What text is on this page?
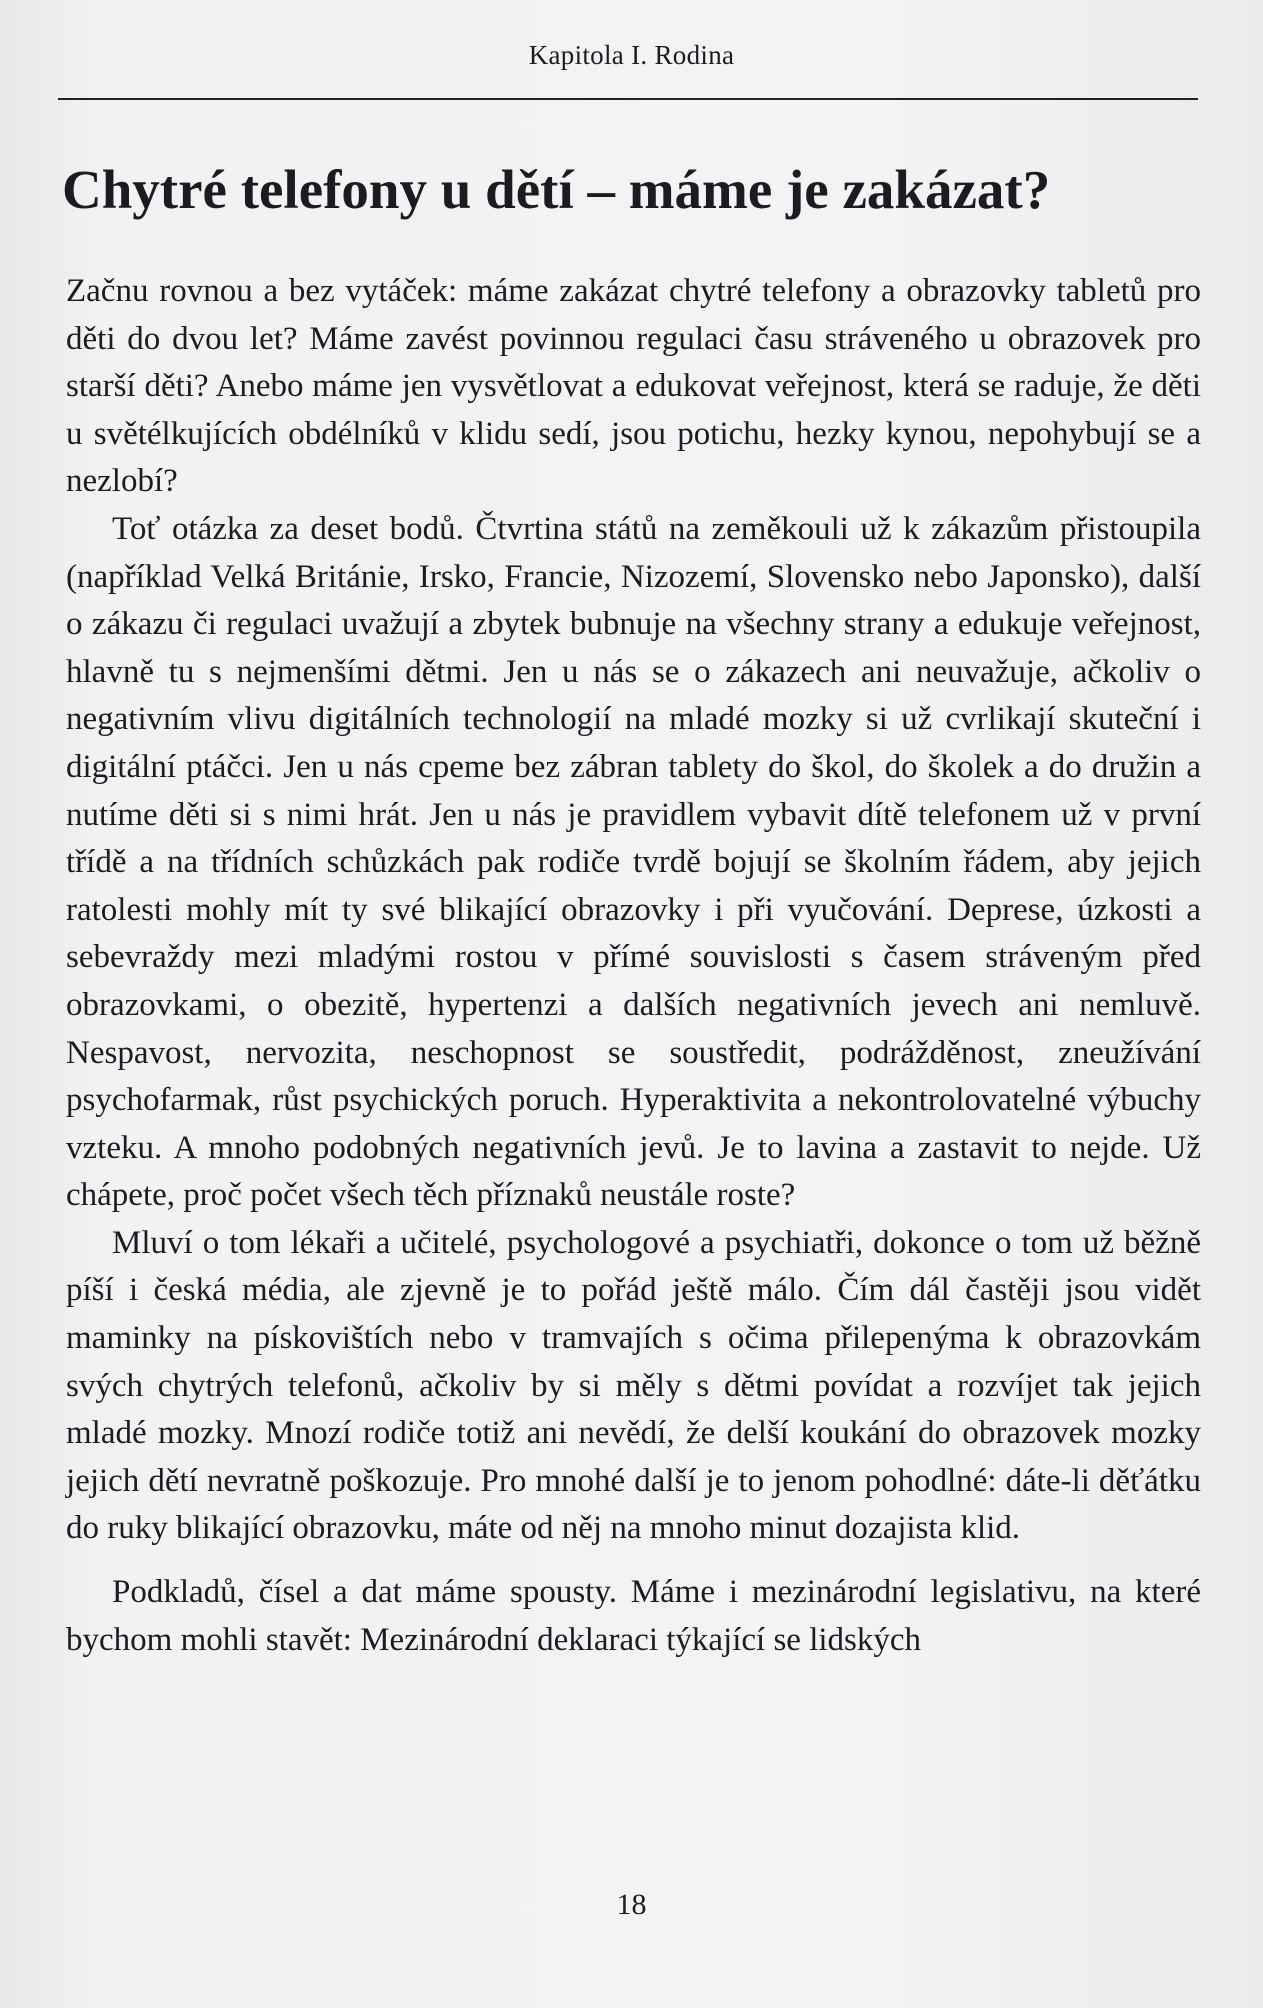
Kapitola I. Rodina
Chytré telefony u dětí – máme je zakázat?

Začnu rovnou a bez vytáček: máme zakázat chytré telefony a obrazovky tabletů pro děti do dvou let? Máme zavést povinnou regulaci času stráveného u obrazovek pro starší děti? Anebo máme jen vysvětlovat a edukovat veřejnost, která se raduje, že děti u světélkujících obdélníků v klidu sedí, jsou potichu, hezky kynou, nepohybují se a nezlobí?

Toť otázka za deset bodů. Čtvrtina států na zeměkouli už k zákazům přistoupila (například Velká Británie, Irsko, Francie, Nizozemí, Slovensko nebo Japonsko), další o zákazu či regulaci uvažují a zbytek bubnuje na všechny strany a edukuje veřejnost, hlavně tu s nejmenšími dětmi. Jen u nás se o zákazech ani neuvažuje, ačkoliv o negativním vlivu digitálních technologií na mladé mozky si už cvrlikají skuteční i digitální ptáčci. Jen u nás cpeme bez zábran tablety do škol, do školek a do družin a nutíme děti si s nimi hrát. Jen u nás je pravidlem vybavit dítě telefonem už v první třídě a na třídních schůzkách pak rodiče tvrdě bojují se školním řádem, aby jejich ratolesti mohly mít ty své blikající obrazovky i při vyučování. Deprese, úzkosti a sebevraždy mezi mladými rostou v přímé souvislosti s časem stráveným před obrazovkami, o obezitě, hypertenzi a dalších negativních jevech ani nemluvě. Nespavost, nervozita, neschopnost se soustředit, podrážděnost, zneužívání psychofarmak, růst psychických poruch. Hyperaktivita a nekontrolovatelné výbuchy vzteku. A mnoho podobných negativních jevů. Je to lavina a zastavit to nejde. Už chápete, proč počet všech těch příznaků neustále roste?

Mluví o tom lékaři a učitelé, psychologové a psychiatři, dokonce o tom už běžně píší i česká média, ale zjevně je to pořád ještě málo. Čím dál častěji jsou vidět maminky na pískovištích nebo v tramvajích s očima přilepenýma k obrazovkám svých chytrých telefonů, ačkoliv by si měly s dětmi povídat a rozvíjet tak jejich mladé mozky. Mnozí rodiče totiž ani nevědí, že delší koukání do obrazovek mozky jejich dětí nevratně poškozuje. Pro mnohé další je to jenom pohodlné: dáte-li děťátku do ruky blikající obrazovku, máte od něj na mnoho minut dozajista klid.

Podkladů, čísel a dat máme spousty. Máme i mezinárodní legislativu, na které bychom mohli stavět: Mezinárodní deklaraci týkající se lidských

18
